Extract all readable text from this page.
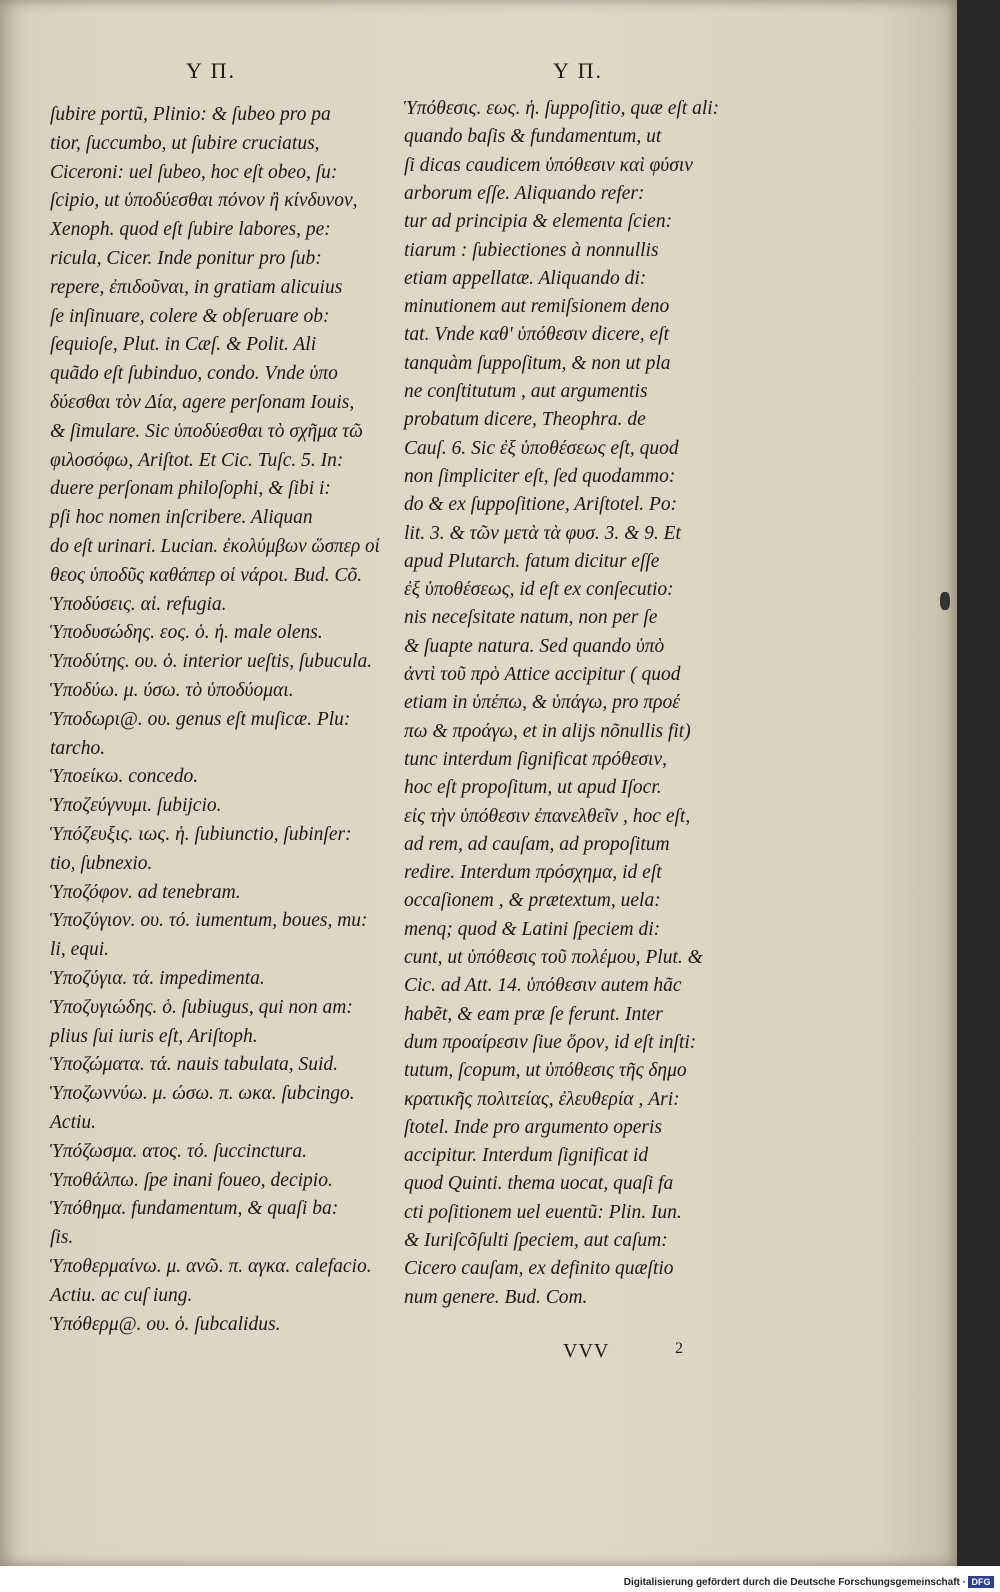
Y Π.	Y Π.
ſubire portũ, Plinio: & ſubeo pro pa
tior, ſuccumbo, ut ſubire cruciatus,
Ciceroni: uel ſubeo, hoc eſt obeo, ſu:
ſcipio, ut ὑποδύεσθαι πόνον ἢ κίνδυνον,
Xenoph. quod eſt ſubire labores, pe:
ricula, Cicer. Inde ponitur pro ſub:
repere, ἐπιδοῦναι, in gratiam alicuius
ſe inſinuare, colere & obſeruare ob:
ſequioſe, Plut. in Cæſ. & Polit. Ali
quãdo eſt ſubinduo, condo. Vnde ὑπο
δύεσθαι τὸν Δία, agere perſonam Iouis,
& ſimulare. Sic ὑποδύεσθαι τὸ σχῆμα τῶ
φιλοσόφω, Ariſtot. Et Cic. Tuſc. 5. In:
duere perſonam philoſophi, & ſibi i:
pſi hoc nomen inſcribere. Aliquan
do eſt urinari. Lucian. ἐκολύμβων ὥσπερ οἱ
θεος ὑποδῦς καθάπερ οἱ νάροι. Bud. Cõ.
Ὑποδύσεις. αἱ. refugia.
Ὑποδυσώδης. εος. ὁ. ἡ. male olens.
Ὑποδύτης. ου. ὁ. interior ueſtis, ſubucula.
Ὑποδύω. μ. ύσω. τὸ ὑποδύομαι.
Ὑποδωρι@. ου. genus eſt muſicæ. Plu:
tarcho.
Ὑποείκω. concedo.
Ὑποζεύγνυμι. ſubijcio.
Ὑπόζευξις. ιως. ἡ. ſubiunctio, ſubinſer:
tio, ſubnexio.
Ὑποζόφον. ad tenebram.
Ὑποζύγιον. ου. τό. iumentum, boues, mu:
li, equi.
Ὑποζύγια. τά. impedimenta.
Ὑποζυγιώδης. ὁ. ſubiugus, qui non am:
plius ſui iuris eſt, Ariſtoph.
Ὑποζώματα. τά. nauis tabulata, Suid.
Ὑποζωννύω. μ. ώσω. π. ωκα. ſubcingo.
Actiu.
Ὑπόζωσμα. ατος. τό. ſuccinctura.
Ὑποθάλπω. ſpe inani foueo, decipio.
Ὑπόθημα. fundamentum, & quaſi ba:
ſis.
Ὑποθερμαίνω. μ. ανῶ. π. αγκα. calefacio.
Actiu. ac cuſ iung.
Ὑπόθερμ@. ου. ὁ. ſubcalidus.
Ὑπόθεσις. εως. ἡ. ſuppoſitio, quæ eſt ali:
quando baſis & fundamentum, ut
ſi dicas caudicem ὑπόθεσιν καὶ φύσιν
arborum eſſe. Aliquando refer:
tur ad principia & elementa ſcien:
tiarum : ſubiectiones à nonnullis
etiam appellatæ. Aliquando di:
minutionem aut remiſsionem deno
tat. Vnde καθ' ὑπόθεσιν dicere, eſt
tanquàm ſuppoſitum, & non ut pla
ne conſtitutum , aut argumentis
probatum dicere, Theophra. de
Cauſ. 6. Sic ἐξ ὑποθέσεως eſt, quod
non ſimpliciter eſt, ſed quodammo:
do & ex ſuppoſitione, Ariſtotel. Po:
lit. 3. & τῶν μετὰ τὰ φυσ. 3. & 9. Et
apud Plutarch. fatum dicitur eſſe
ἐξ ὑποθέσεως, id eſt ex conſecutio:
nis neceſsitate natum, non per ſe
& ſuapte natura. Sed quando ὑπὸ
ἀντὶ τοῦ πρὸ Attice accipitur ( quod
etiam in ὑπέπω, & ὑπάγω, pro προέ
πω & προάγω, et in alijs nõnullis fit)
tunc interdum ſignificat πρόθεσιν,
hoc eſt propoſitum, ut apud Iſocr.
εἰς τὴν ὑπόθεσιν ἐπανελθεῖν , hoc eſt,
ad rem, ad cauſam, ad propoſitum
redire. Interdum πρόσχημα, id eſt
occaſionem , & prætextum, uela:
menq; quod & Latini ſpeciem di:
cunt, ut ὑπόθεσις τοῦ πολέμου, Plut. &
Cic. ad Att. 14. ὑπόθεσιν autem hãc
habẽt, & eam præ ſe ferunt. Inter
dum προαίρεσιν ſiue ὅρον, id eſt inſti:
tutum, ſcopum, ut ὑπόθεσις τῆς δημο
κρατικῆς πολιτείας, ἐλευθερία , Ari:
ſtotel. Inde pro argumento operis
accipitur. Interdum ſignificat id
quod Quinti. thema uocat, quaſi fa
cti poſitionem uel euentũ: Plin. Iun.
& Iuriſcõſulti ſpeciem, aut caſum:
Cicero cauſam, ex definito quæſtio
num genere. Bud. Com.
VVV	2
Digitalisierung gefördert durch die Deutsche Forschungsgemeinschaft · DFG
